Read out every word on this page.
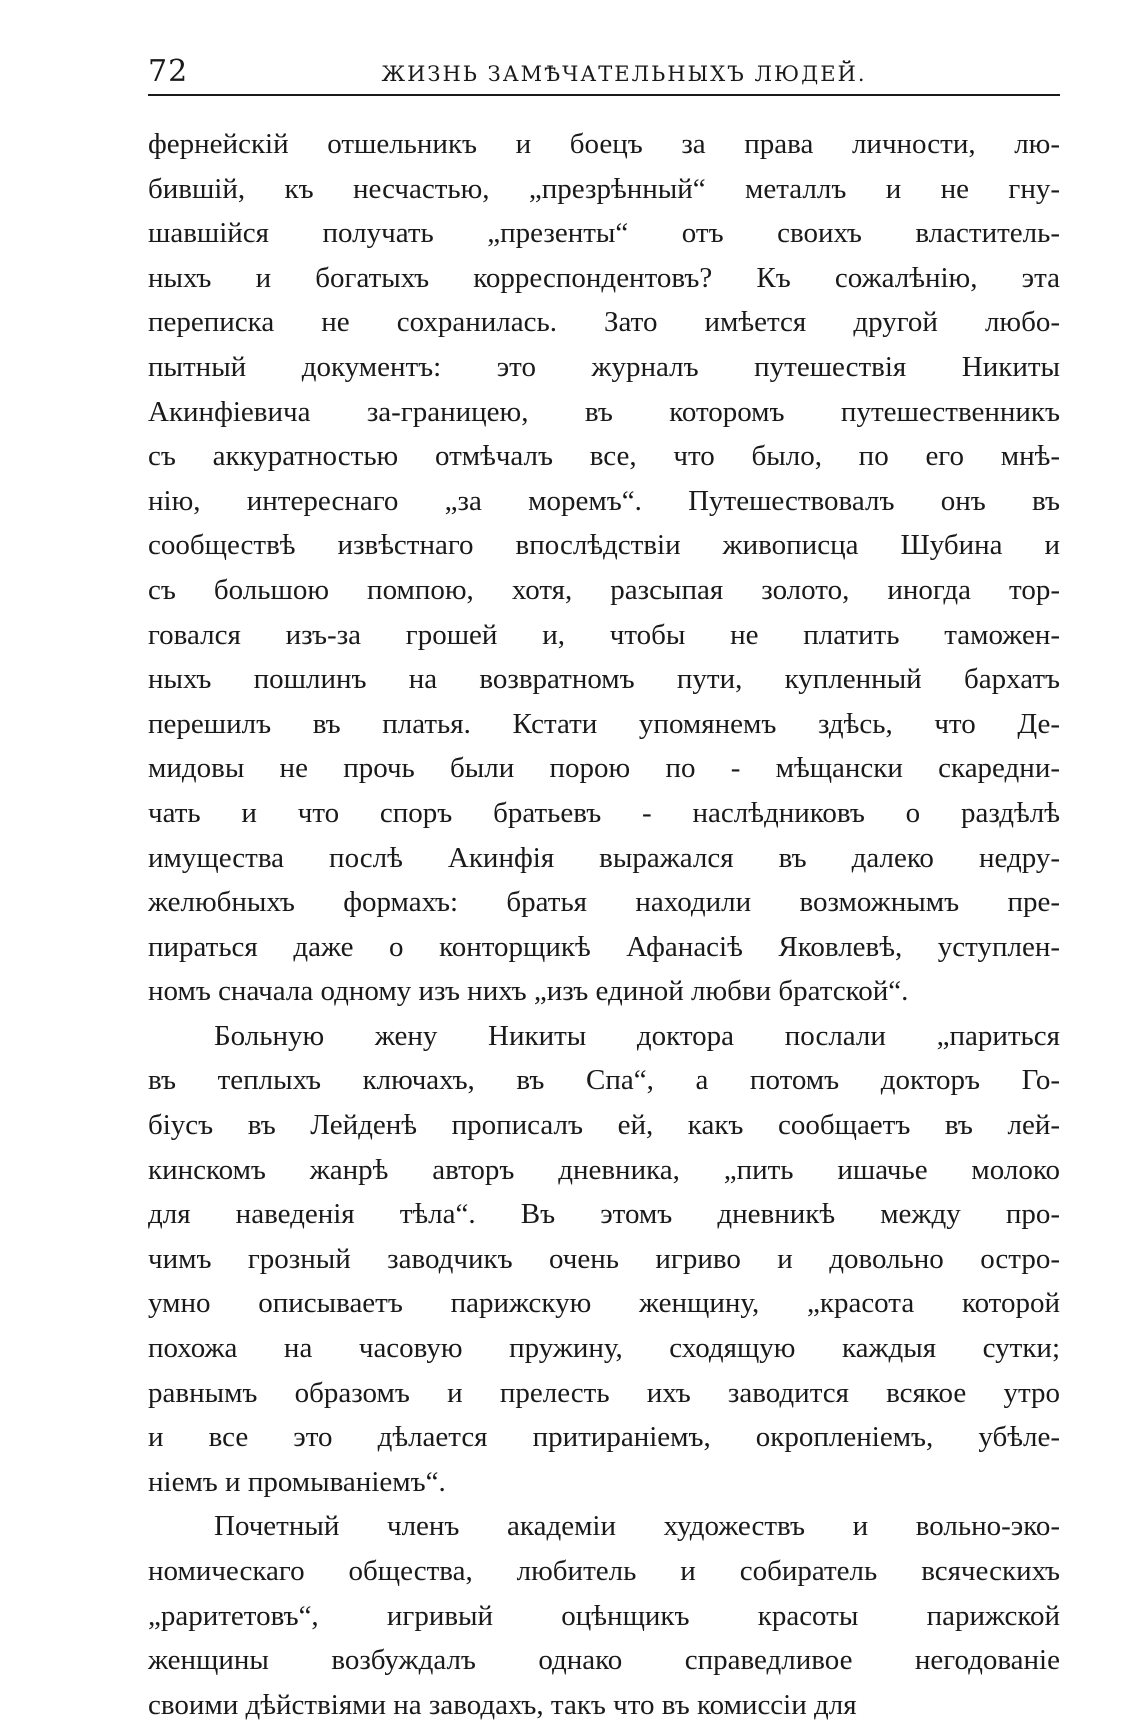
72	ЖИЗНЬ ЗАМѢЧАТЕЛЬНЫХЪ ЛЮДЕЙ.
фернейскій отшельникъ и боецъ за права личности, лю-
бившій, къ несчастью, „презрѣнный“ металлъ и не гну-
шавшійся получать „презенты“ отъ своихъ властитель-
ныхъ и богатыхъ корреспондентовъ? Къ сожалѣнію, эта
переписка не сохранилась. Зато имѣется другой любо-
пытный документъ: это журналъ путешествія Никиты
Акинфіевича за-границею, въ которомъ путешественникъ
съ аккуратностью отмѣчалъ все, что было, по его мнѣ-
нію, интереснаго „за моремъ“. Путешествовалъ онъ въ
сообществѣ извѣстнаго впослѣдствіи живописца Шубина и
съ большою помпою, хотя, разсыпая золото, иногда тор-
говался изъ-за грошей и, чтобы не платить таможен-
ныхъ пошлинъ на возвратномъ пути, купленный бархатъ
перешилъ въ платья. Кстати упомянемъ здѣсь, что Де-
мидовы не прочь были порою по - мѣщански скаредни-
чать и что споръ братьевъ - наслѣдниковъ о раздѣлѣ
имущества послѣ Акинфія выражался въ далеко недру-
желюбныхъ формахъ: братья находили возможнымъ пре-
пираться даже о конторщикѣ Афанасіѣ Яковлевѣ, уступлен-
номъ сначала одному изъ нихъ „изъ единой любви братской“.
Больную жену Никиты доктора послали „париться
въ теплыхъ ключахъ, въ Спа“, а потомъ докторъ Го-
біусъ въ Лейденѣ прописалъ ей, какъ сообщаетъ въ лей-
кинскомъ жанрѣ авторъ дневника, „пить ишачье молоко
для наведенія тѣла“. Въ этомъ дневникѣ между про-
чимъ грозный заводчикъ очень игриво и довольно остро-
умно описываетъ парижскую женщину, „красота которой
похожа на часовую пружину, сходящую каждыя сутки;
равнымъ образомъ и прелесть ихъ заводится всякое утро
и все это дѣлается притираніемъ, окропленіемъ, убѣле-
ніемъ и промываніемъ“.
Почетный членъ академіи художествъ и вольно-эко-
номическаго общества, любитель и собиратель всяческихъ
„раритетовъ“, игривый оцѣнщикъ красоты парижской
женщины возбуждалъ однако справедливое негодованіе
своими дѣйствіями на заводахъ, такъ что въ комиссіи для
